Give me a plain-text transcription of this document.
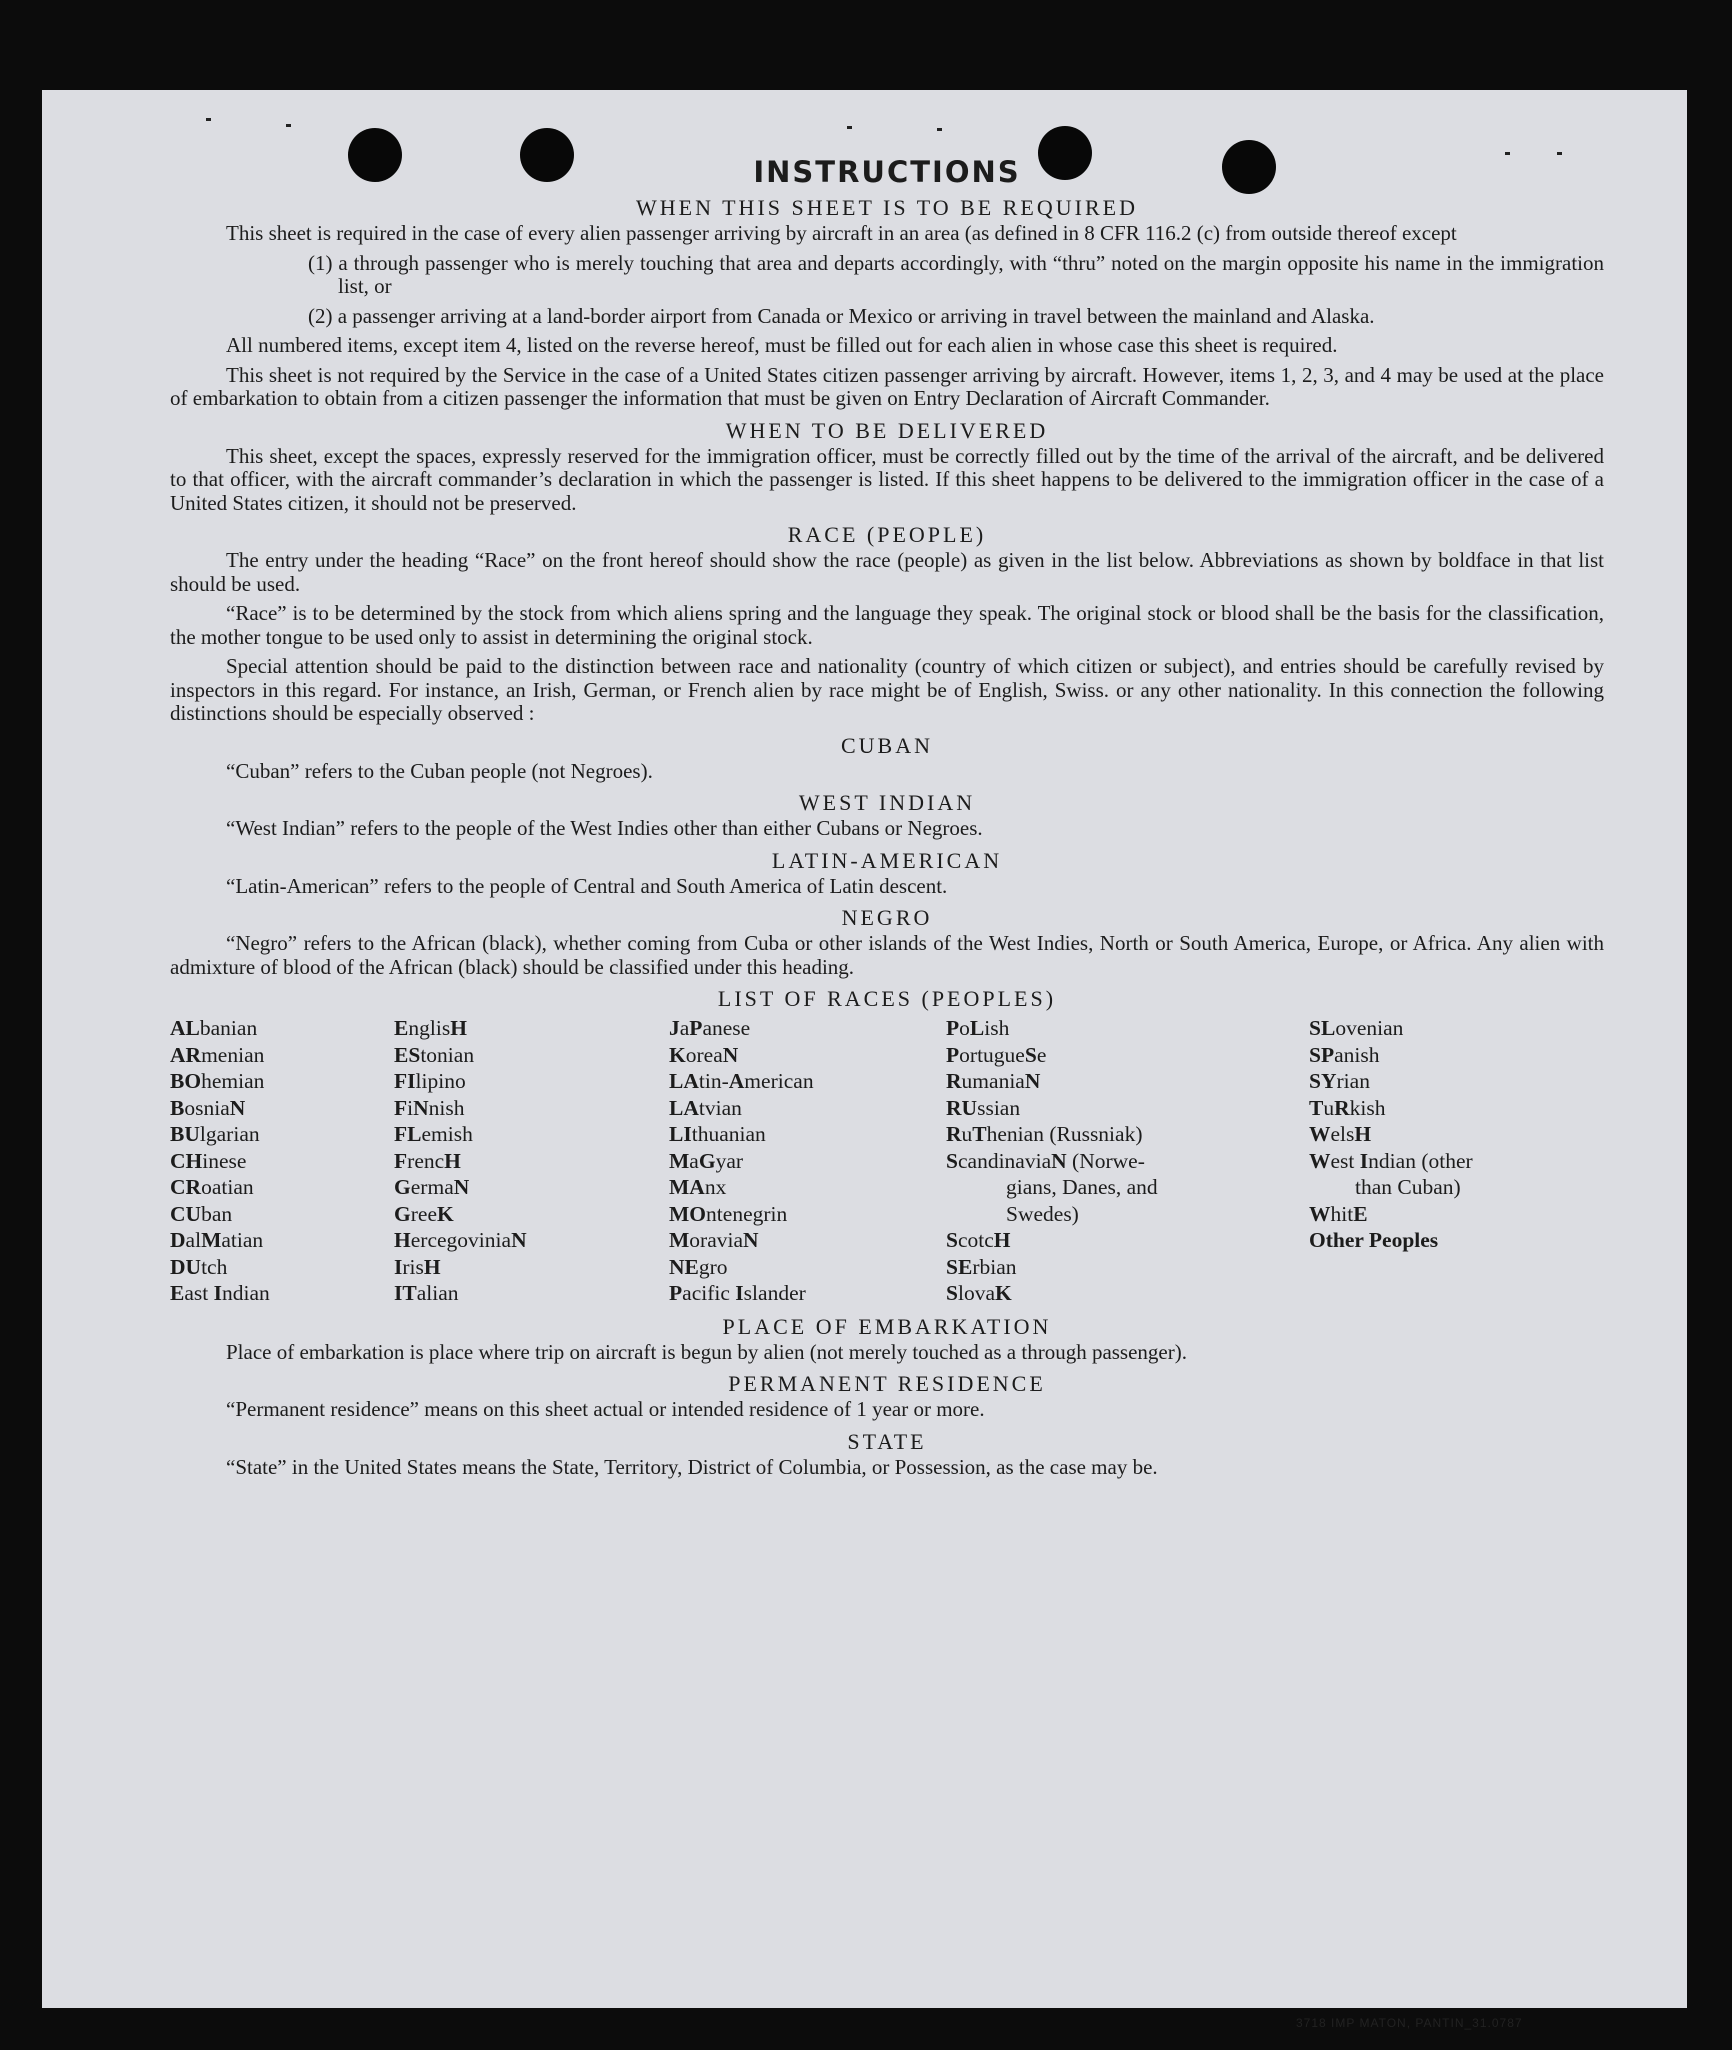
INSTRUCTIONS
WHEN THIS SHEET IS TO BE REQUIRED

This sheet is required in the case of every alien passenger arriving by aircraft in an area (as defined in 8 CFR 116.2 (c) from outside thereof except

(1) a through passenger who is merely touching that area and departs accordingly, with “thru” noted on the margin opposite his name in the immigration list, or

(2) a passenger arriving at a land-border airport from Canada or Mexico or arriving in travel between the mainland and Alaska.

All numbered items, except item 4, listed on the reverse hereof, must be filled out for each alien in whose case this sheet is required.

This sheet is not required by the Service in the case of a United States citizen passenger arriving by aircraft. However, items 1, 2, 3, and 4 may be used at the place of embarkation to obtain from a citizen passenger the information that must be given on Entry Declaration of Aircraft Commander.

WHEN TO BE DELIVERED

This sheet, except the spaces, expressly reserved for the immigration officer, must be correctly filled out by the time of the arrival of the aircraft, and be delivered to that officer, with the aircraft commander’s declaration in which the passenger is listed. If this sheet happens to be delivered to the immigration officer in the case of a United States citizen, it should not be preserved.

RACE (PEOPLE)

The entry under the heading “Race” on the front hereof should show the race (people) as given in the list below. Abbreviations as shown by boldface in that list should be used.

“Race” is to be determined by the stock from which aliens spring and the language they speak. The original stock or blood shall be the basis for the classification, the mother tongue to be used only to assist in determining the original stock.

Special attention should be paid to the distinction between race and nationality (country of which citizen or subject), and entries should be carefully revised by inspectors in this regard. For instance, an Irish, German, or French alien by race might be of English, Swiss. or any other nationality. In this connection the following distinctions should be especially observed :

CUBAN

“Cuban” refers to the Cuban people (not Negroes).

WEST INDIAN

“West Indian” refers to the people of the West Indies other than either Cubans or Negroes.

LATIN-AMERICAN

“Latin-American” refers to the people of Central and South America of Latin descent.

NEGRO

“Negro” refers to the African (black), whether coming from Cuba or other islands of the West Indies, North or South America, Europe, or Africa. Any alien with admixture of blood of the African (black) should be classified under this heading.

LIST OF RACES (PEOPLES)
ALbanian
ARmenian
BOhemian
BosniaN
BUlgarian
CHinese
CRoatian
CUban
DalMatian
DUtch
East Indian
EnglisH
EStonian
FIlipino
FiNnish
FLemish
FrencH
GermaN
GreeK
HercegoviniaN
IrisH
ITalian
JaPanese
KoreaN
LAtin-American
LAtvian
LIthuanian
MaGyar
MAnx
MOntenegrin
MoraviaN
NEgro
Pacific Islander
PoLish
PortugueSe
RumaniaN
RUssian
RuThenian (Russniak)
ScandinaviaN (Norwe-
gians, Danes, and
Swedes)
ScotcH
SErbian
SlovaK
SLovenian
SPanish
SYrian
TuRkish
WelsH
West Indian (other
than Cuban)
WhitE
Other Peoples
PLACE OF EMBARKATION

Place of embarkation is place where trip on aircraft is begun by alien (not merely touched as a through passenger).

PERMANENT RESIDENCE

“Permanent residence” means on this sheet actual or intended residence of 1 year or more.

STATE

“State” in the United States means the State, Territory, District of Columbia, or Possession, as the case may be.

3718 IMP MATON, PANTIN_31.0787
